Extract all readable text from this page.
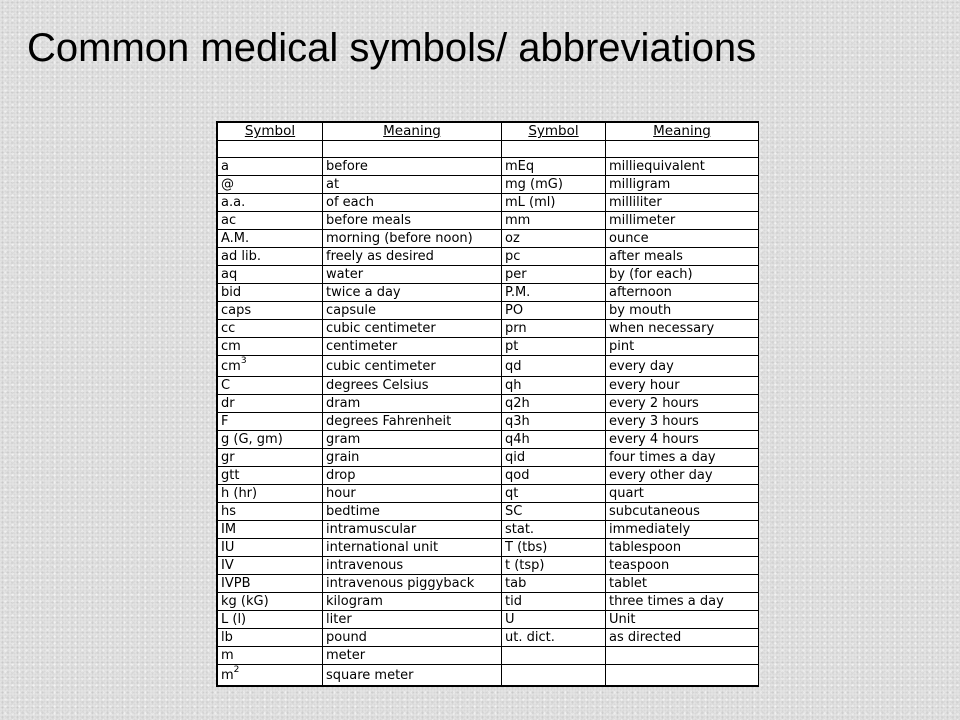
Common medical symbols/ abbreviations
Symbol	Meaning	Symbol	Meaning

a	before	mEq	milliequivalent
@	at	mg (mG)	milligram
a.a.	of each	mL (ml)	milliliter
ac	before meals	mm	millimeter
A.M.	morning (before noon)	oz	ounce
ad lib.	freely as desired	pc	after meals
aq	water	per	by (for each)
bid	twice a day	P.M.	afternoon
caps	capsule	PO	by mouth
cc	cubic centimeter	prn	when necessary
cm	centimeter	pt	pint
$cm^3$	cubic centimeter	qd	every day
C	degrees Celsius	qh	every hour
dr	dram	q2h	every 2 hours
F	degrees Fahrenheit	q3h	every 3 hours
g (G, gm)	gram	q4h	every 4 hours
gr	grain	qid	four times a day
gtt	drop	qod	every other day
h (hr)	hour	qt	quart
hs	bedtime	SC	subcutaneous
IM	intramuscular	stat.	immediately
IU	international unit	T (tbs)	tablespoon
IV	intravenous	t (tsp)	teaspoon
IVPB	intravenous piggyback	tab	tablet
kg (kG)	kilogram	tid	three times a day
L (l)	liter	U	Unit
lb	pound	ut. dict.	as directed
m	meter		
$m^2$	square meter		
